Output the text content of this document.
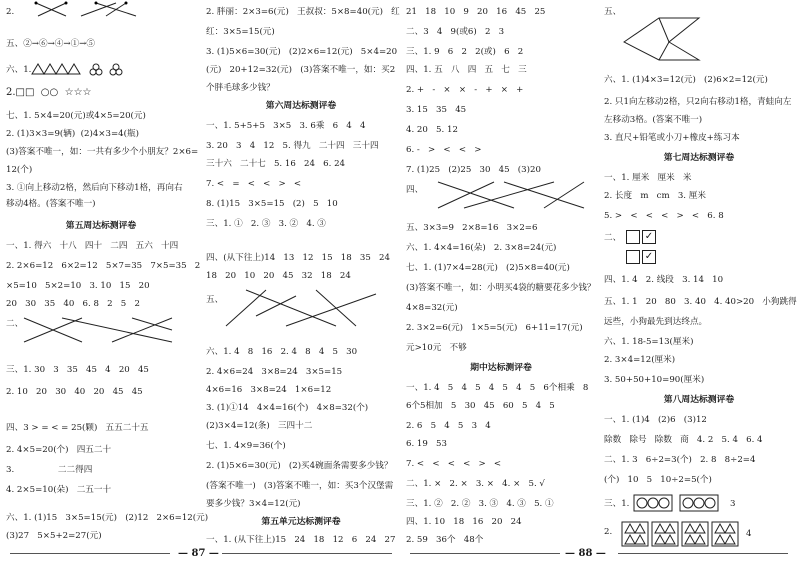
2.
五、②→⑥→④→①→⑤
六、1.
2.□□  ○○  ☆☆☆
七、1. 5×4=20(元)或4×5=20(元)
2. (1)3×3=9(辆)  (2)4×3=4(瓶)
(3)答案不唯一，如：一共有多少个小朋友？2×6=
12(个)
3. ①向上移动2格，然后向下移动1格，再向右
移动4格。(答案不唯一)
第五周达标测评卷
一、1. 得六   十八   四十   二四   五六   十四
2. 2×6=12   6×2=12   5×7=35   7×5=35   2
×5=10   5×2=10   3. 10   15   20
20   30   35   40   6. 8   2   5   2
二、
三、1. 30   3   35   45   4   20   45
2. 10   20   30   40   20   45   45
四、3 > = < = 25(颗)   五五二十五
2. 4×5=20(个)   四五二十
3.                二二得四
4. 2×5=10(朵)   二五一十
六、1. (1)15   3×5=15(元)   (2)12   2×6=12(元)
(3)27   5×5+2=27(元)
— 87 —
2. 胖丽：2×3=6(元)   王叔叔：5×8=40(元)   红
红：3×5=15(元)
3. (1)5×6=30(元)   (2)2×6=12(元)   5×4=20
(元)   20+12=32(元)   (3)答案不唯一，如：买2
个胖毛球多少钱？
第六周达标测评卷
一、1. 5+5+5   3×5   3. 6乘   6   4   4
3. 20   3   4   12   5. 得九   二十四   三十四
三十六   二十七   5. 16   24   6. 24
7. <   =   <   <   >   <
8. (1)15   3×5=15   (2)   5   10
三、1. ①   2. ③   3. ②   4. ③
四、(从下往上)14   13   12   15   18   35   24
18   20   10   20   45   32   18   24
五、
六、1. 4   8   16   2. 4   8   4   5   30
2. 4×6=24   3×8=24   3×5=15
4×6=16   3×8=24   1×6=12
3. (1)①14   4×4=16(个)   4×8=32(个)
(2)3×4=12(条)   三四十二
七、1. 4×9=36(个)
2. (1)5×6=30(元)   (2)买4碗面条需要多少钱？
(答案不唯一)   (3)答案不唯一，如：买3个汉堡需
要多少钱？3×4=12(元)
第五单元达标测评卷
一、1. (从下往上)15   24   18   12   6   24   27
21   18   10   9   20   16   45   25
二、3   4   9(或6)   2   3
三、1. 9   6   2   2(或)   6   2
四、1. 五   八   四   五   七   三
2. +   -   ×   ×   -   +   ×   +
3. 15   35   45
4. 20   5. 12
6. -   >   <   <   >
7. (1)25   (2)25   30   45   (3)20
四、
五、3×3=9   2×8=16   3×2=6
六、1. 4×4=16(朵)   2. 3×8=24(元)
七、1. (1)7×4=28(元)   (2)5×8=40(元)
(3)答案不唯一，如：小明买4袋的糖要花多少钱？
4×8=32(元)
2. 3×2=6(元)   1×5=5(元)   6+11=17(元)
元>10元   不够
期中达标测评卷
一、1. 4   5   4   5   4   5   4   5   6个相乘   8
6个5相加   5   30   45   60   5   4   5
2. 6   5   4   5   3   4
6. 19   53
7. <   <   <   <   >   <
二、1. ×   2. ×   3. ×   4. ×   5. √
三、1. ②   2. ②   3. ③   4. ③   5. ①
四、1. 10   18   16   20   24
2. 59   36个   48个
— 88 —
五、
六、1. (1)4×3=12(元)   (2)6×2=12(元)
2. 只1向左移动2格，只2向右移动1格，青蛙向左
左移动3格。(答案不唯一)
3. 直尺+铅笔或小刀+橡皮+练习本
第七周达标测评卷
一、1. 厘米   厘米   米
2. 长度   m   cm   3. 厘米
5. >   <   <   <   >   <   6. 8
二、 ✓
✓
四、1. 4   2. 线段   3. 14   10
五、1. 1   20   80   3. 40   4. 40>20   小狗跳得
远些，小狗最先到达终点。
六、1. 18-5=13(厘米)
2. 3×4=12(厘米)
3. 50+50+10=90(厘米)
第八周达标测评卷
一、1. (1)4   (2)6   (3)12
除数   除号   除数   商   4. 2   5. 4   6. 4
二、1. 3   6÷2=3(个)   2. 8   8÷2=4
(个)   10   5   10÷2=5(个)
三、1.	3
2.	4
